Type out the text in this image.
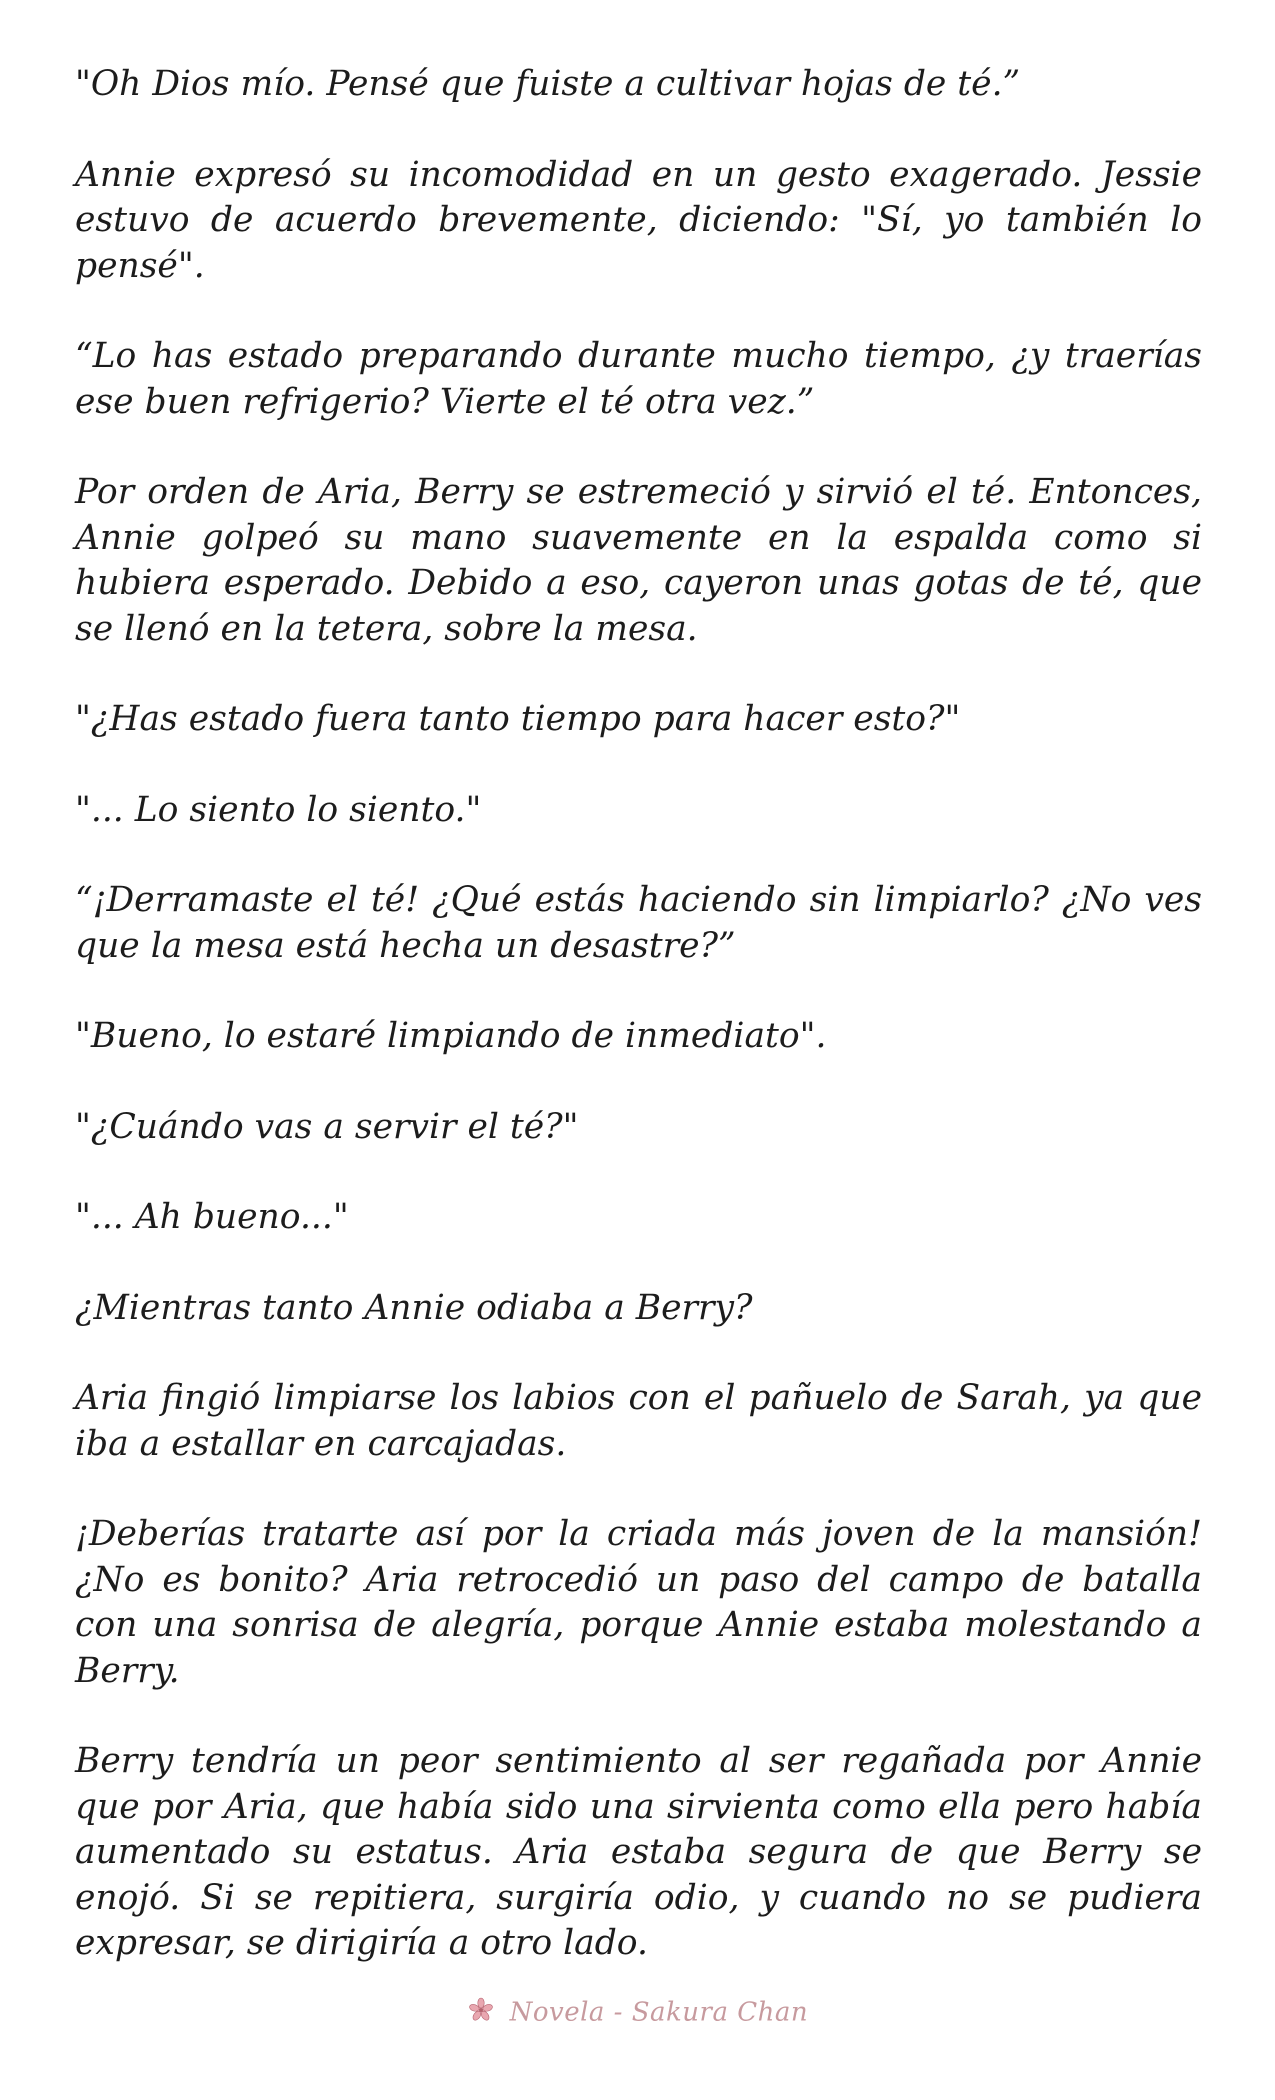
"Oh Dios mío. Pensé que fuiste a cultivar hojas de té.”

Annie expresó su incomodidad en un gesto exagerado. Jessie estuvo de acuerdo brevemente, diciendo: "Sí, yo también lo pensé".

“Lo has estado preparando durante mucho tiempo, ¿y traerías ese buen refrigerio? Vierte el té otra vez.”

Por orden de Aria, Berry se estremeció y sirvió el té. Entonces, Annie golpeó su mano suavemente en la espalda como si hubiera esperado. Debido a eso, cayeron unas gotas de té, que se llenó en la tetera, sobre la mesa.

"¿Has estado fuera tanto tiempo para hacer esto?"

"... Lo siento lo siento."

“¡Derramaste el té! ¿Qué estás haciendo sin limpiarlo? ¿No ves que la mesa está hecha un desastre?”

"Bueno, lo estaré limpiando de inmediato".

"¿Cuándo vas a servir el té?"

"... Ah bueno..."

¿Mientras tanto Annie odiaba a Berry?

Aria fingió limpiarse los labios con el pañuelo de Sarah, ya que iba a estallar en carcajadas.

¡Deberías tratarte así por la criada más joven de la mansión! ¿No es bonito? Aria retrocedió un paso del campo de batalla con una sonrisa de alegría, porque Annie estaba molestando a Berry.

Berry tendría un peor sentimiento al ser regañada por Annie que por Aria, que había sido una sirvienta como ella pero había aumentado su estatus. Aria estaba segura de que Berry se enojó. Si se repitiera, surgiría odio, y cuando no se pudiera expresar, se dirigiría a otro lado.

Novela - Sakura Chan
